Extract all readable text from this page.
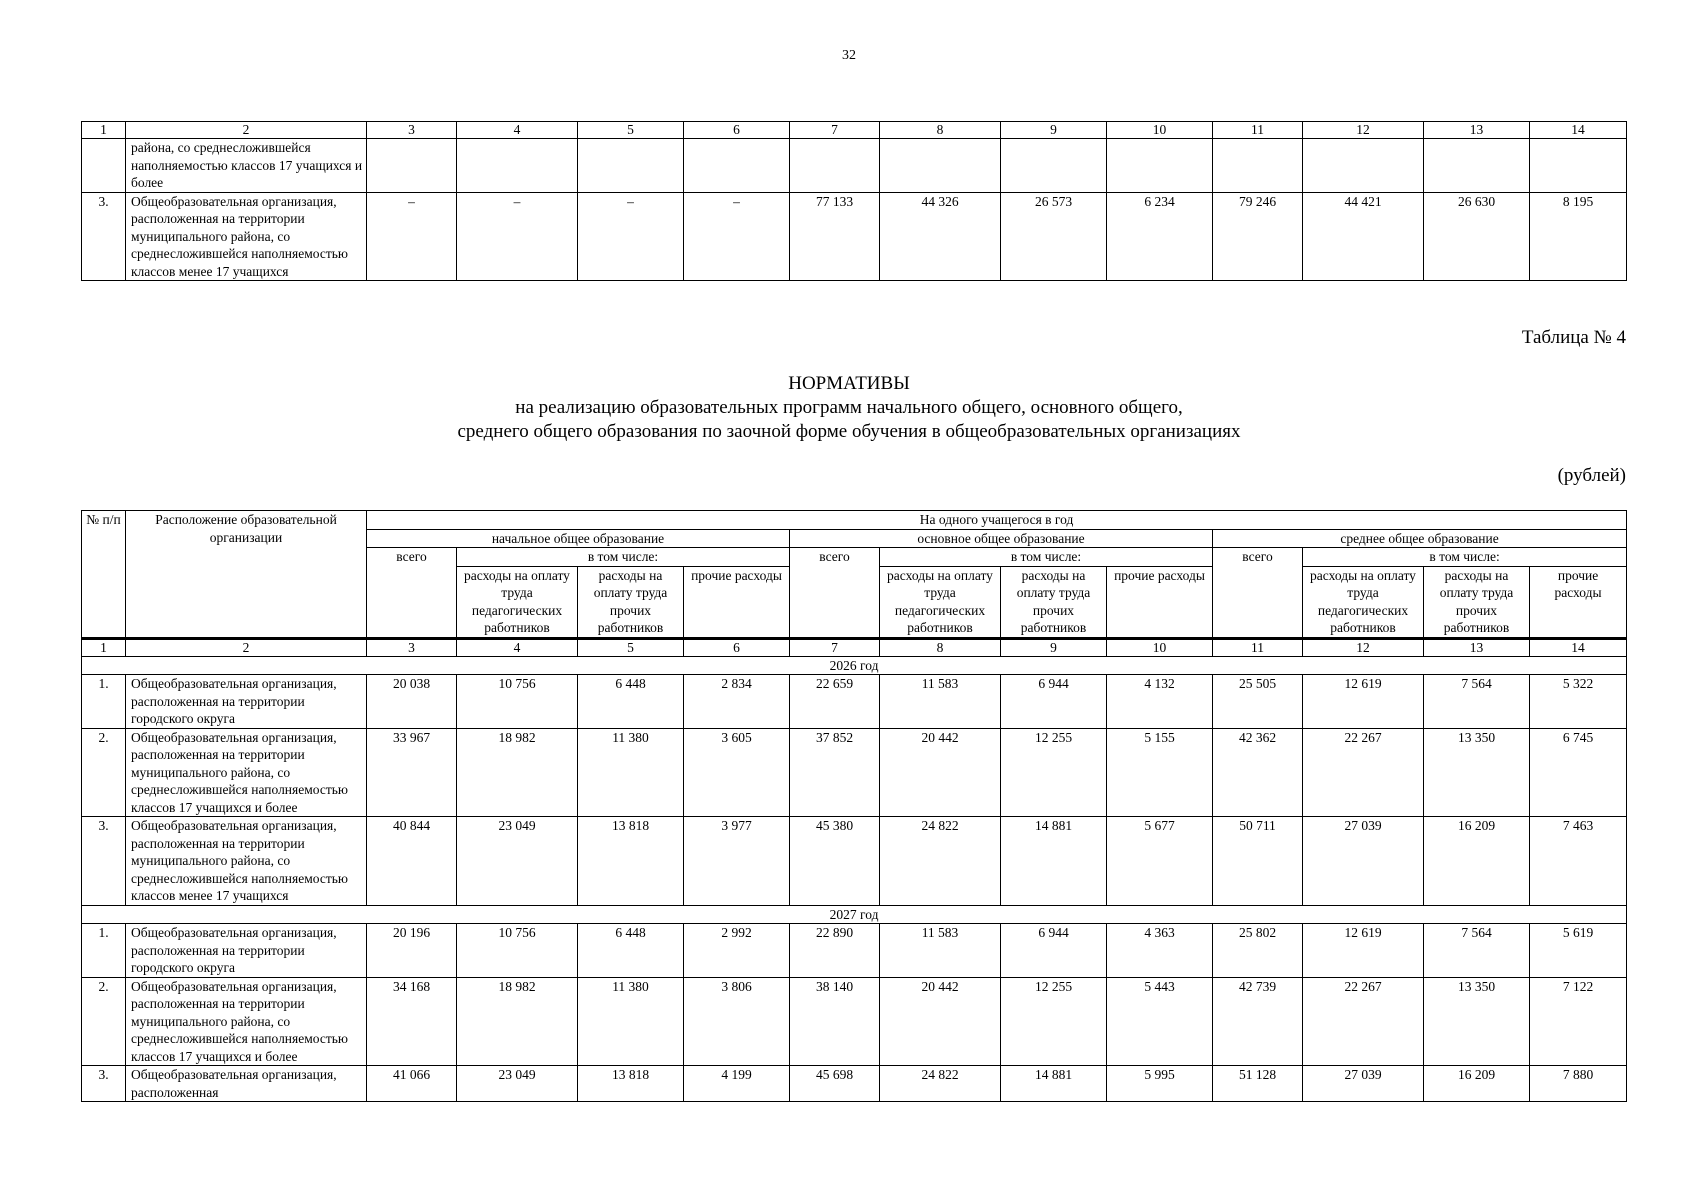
32
1	2	3	4	5	6	7	8	9	10	11	12	13	14
	района, со среднесложившейся наполняемостью классов 17 учащихся и более												
3.	Общеобразовательная организация, расположенная на территории муниципального района, со среднесложившейся наполняемостью классов менее 17 учащихся	–	–	–	–	77 133	44 326	26 573	6 234	79 246	44 421	26 630	8 195
Таблица № 4
НОРМАТИВЫ
на реализацию образовательных программ начального общего, основного общего,
среднего общего образования по заочной форме обучения в общеобразовательных организациях
(рублей)
№ п/п	Расположение образовательной организации	На одного учащегося в год											
		начальное общее образование				основное общее образование				среднее общее образование			
		всего	в том числе:			всего	в том числе:			всего	в том числе:		
			расходы на оплату труда педагогических работников	расходы на оплату труда прочих работников	прочие расходы		расходы на оплату труда педагогических работников	расходы на оплату труда прочих работников	прочие расходы		расходы на оплату труда педагогических работников	расходы на оплату труда прочих работников	прочие расходы
1	2	3	4	5	6	7	8	9	10	11	12	13	14
2026 год													
1.	Общеобразовательная организация, расположенная на территории городского округа	20 038	10 756	6 448	2 834	22 659	11 583	6 944	4 132	25 505	12 619	7 564	5 322
2.	Общеобразовательная организация, расположенная на территории муниципального района, со среднесложившейся наполняемостью классов 17 учащихся и более	33 967	18 982	11 380	3 605	37 852	20 442	12 255	5 155	42 362	22 267	13 350	6 745
3.	Общеобразовательная организация, расположенная на территории муниципального района, со среднесложившейся наполняемостью классов менее 17 учащихся	40 844	23 049	13 818	3 977	45 380	24 822	14 881	5 677	50 711	27 039	16 209	7 463
2027 год													
1.	Общеобразовательная организация, расположенная на территории городского округа	20 196	10 756	6 448	2 992	22 890	11 583	6 944	4 363	25 802	12 619	7 564	5 619
2.	Общеобразовательная организация, расположенная на территории муниципального района, со среднесложившейся наполняемостью классов 17 учащихся и более	34 168	18 982	11 380	3 806	38 140	20 442	12 255	5 443	42 739	22 267	13 350	7 122
3.	Общеобразовательная организация, расположенная	41 066	23 049	13 818	4 199	45 698	24 822	14 881	5 995	51 128	27 039	16 209	7 880
